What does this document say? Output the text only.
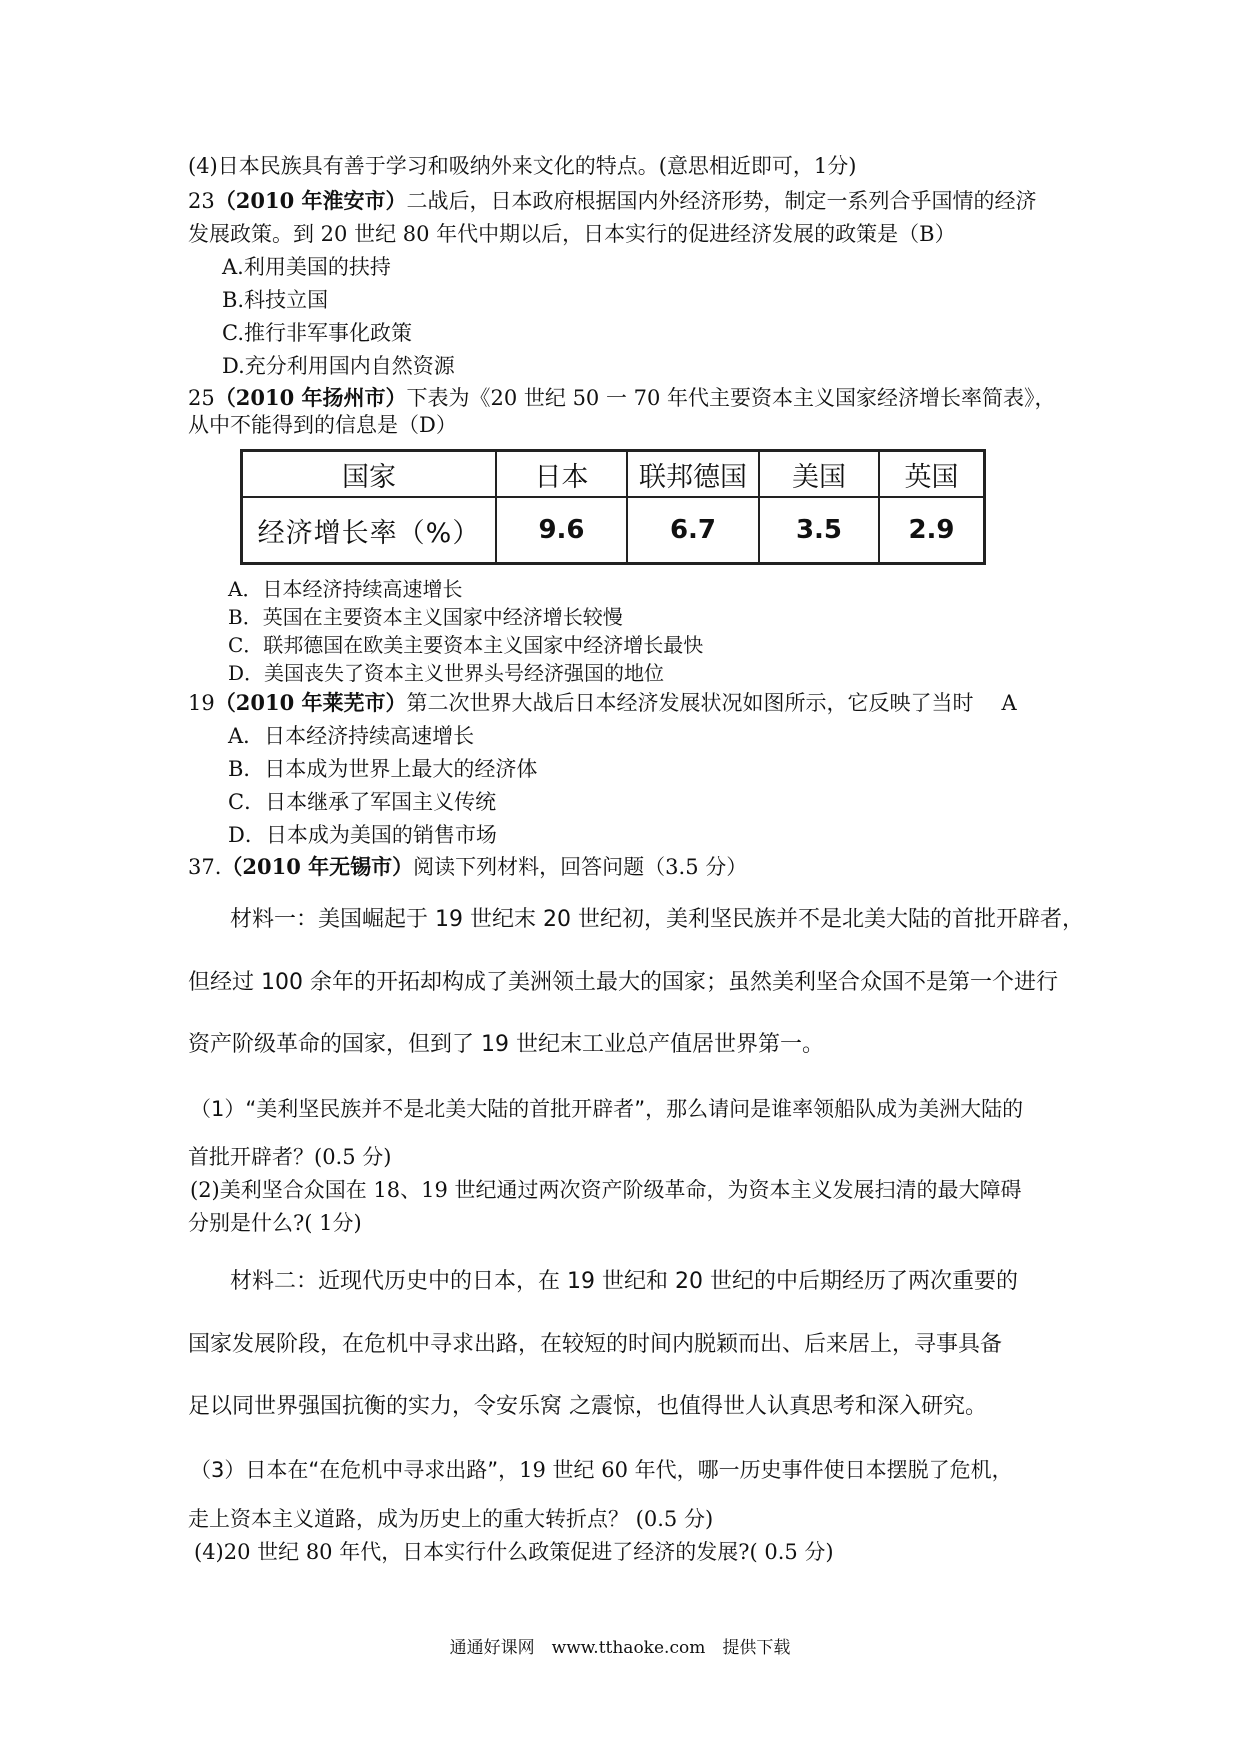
(4)日本民族具有善于学习和吸纳外来文化的特点。(意思相近即可，1分)
23（2010 年淮安市）二战后，日本政府根据国内外经济形势，制定一系列合乎国情的经济
发展政策。到 20 世纪 80 年代中期以后，日本实行的促进经济发展的政策是（B）
A.利用美国的扶持
B.科技立国
C.推行非军事化政策
D.充分利用国内自然资源
25（2010 年扬州市）下表为《20 世纪 50 一 70 年代主要资本主义国家经济增长率简表》，
从中不能得到的信息是（D）
国家	日本	联邦德国	美国	英国
经济增长率（%）	9.6	6.7	3.5	2.9
A．日本经济持续高速增长
B．英国在主要资本主义国家中经济增长较慢
C．联邦德国在欧美主要资本主义国家中经济增长最快
D．美国丧失了资本主义世界头号经济强国的地位
19（2010 年莱芜市）第二次世界大战后日本经济发展状况如图所示，它反映了当时 A
A．日本经济持续高速增长
B．日本成为世界上最大的经济体
C．日本继承了军国主义传统
D．日本成为美国的销售市场
37.（2010 年无锡市）阅读下列材料，回答问题（3.5 分）
材料一：美国崛起于 19 世纪末 20 世纪初，美利坚民族并不是北美大陆的首批开辟者，
但经过 100 余年的开拓却构成了美洲领土最大的国家；虽然美利坚合众国不是第一个进行
资产阶级革命的国家，但到了 19 世纪末工业总产值居世界第一。
（1）“美利坚民族并不是北美大陆的首批开辟者”，那么请问是谁率领船队成为美洲大陆的
首批开辟者？(0.5 分)
(2)美利坚合众国在 18、19 世纪通过两次资产阶级革命，为资本主义发展扫清的最大障碍
分别是什么?( 1分)
材料二：近现代历史中的日本，在 19 世纪和 20 世纪的中后期经历了两次重要的
国家发展阶段，在危机中寻求出路，在较短的时间内脱颖而出、后来居上，寻事具备
足以同世界强国抗衡的实力，令安乐窝 之震惊，也值得世人认真思考和深入研究。
（3）日本在“在危机中寻求出路”，19 世纪 60 年代，哪一历史事件使日本摆脱了危机，
走上资本主义道路，成为历史上的重大转折点？ (0.5 分)
(4)20 世纪 80 年代，日本实行什么政策促进了经济的发展?( 0.5 分)
通通好课网　www.tthaoke.com　提供下载
